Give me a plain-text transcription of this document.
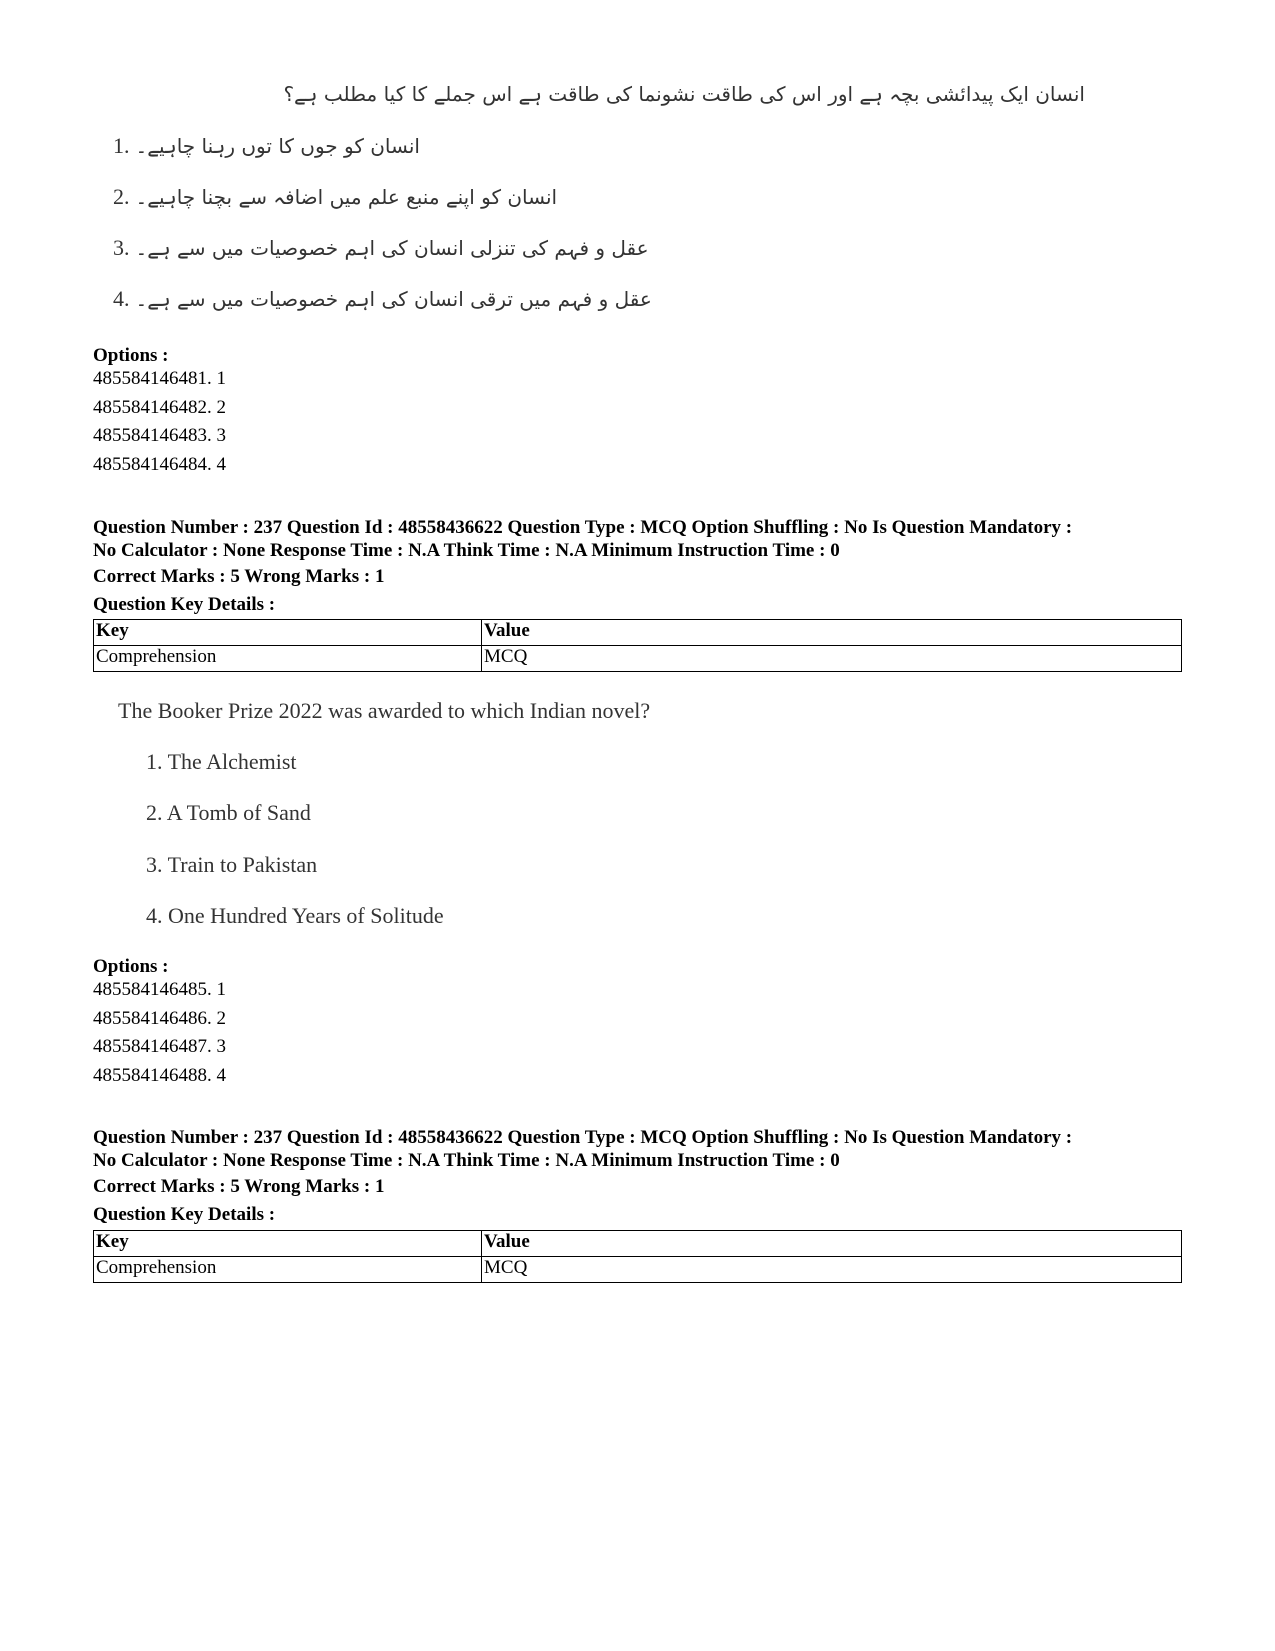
انسان ایک پیدائشی بچہ ہے اور اس کی طاقت نشونما کی طاقت ہے اس جملے کا کیا مطلب ہے؟
1. انسان کو جوں کا توں رہنا چاہیے۔
2. انسان کو اپنے منبع علم میں اضافہ سے بچنا چاہیے۔
3. عقل و فہم کی تنزلی انسان کی اہم خصوصیات میں سے ہے۔
4. عقل و فہم میں ترقی انسان کی اہم خصوصیات میں سے ہے۔
Options :
485584146481. 1
485584146482. 2
485584146483. 3
485584146484. 4
Question Number : 237 Question Id : 48558436622 Question Type : MCQ Option Shuffling : No Is Question Mandatory :
No Calculator : None Response Time : N.A Think Time : N.A Minimum Instruction Time : 0
Correct Marks : 5 Wrong Marks : 1
Question Key Details :
Key	Value
Comprehension	MCQ
The Booker Prize 2022 was awarded to which Indian novel?
1. The Alchemist
2. A Tomb of Sand
3. Train to Pakistan
4. One Hundred Years of Solitude
Options :
485584146485. 1
485584146486. 2
485584146487. 3
485584146488. 4
Question Number : 237 Question Id : 48558436622 Question Type : MCQ Option Shuffling : No Is Question Mandatory :
No Calculator : None Response Time : N.A Think Time : N.A Minimum Instruction Time : 0
Correct Marks : 5 Wrong Marks : 1
Question Key Details :
Key	Value
Comprehension	MCQ
